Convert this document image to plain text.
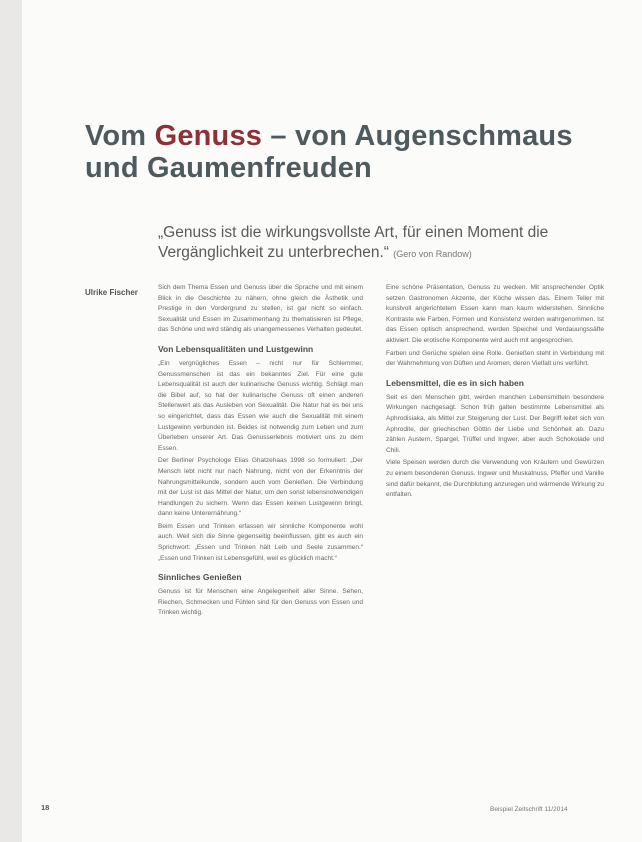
Vom Genuss – von Augenschmaus
und Gaumenfreuden
„Genuss ist die wirkungsvollste Art, für einen Moment die Vergänglichkeit zu unterbrechen.“ (Gero von Randow)
Ulrike Fischer

Sich dem Thema Essen und Genuss über die Sprache und mit einem Blick in die Geschichte zu nähern, ohne gleich die Ästhetik und Prestige in den Vordergrund zu stellen, ist gar nicht so einfach. Sexualität und Essen im Zusammenhang zu thematisieren ist Pflege, das Schöne und wird ständig als unangemessenes Verhalten gedeutet.

Von Lebensqualitäten und Lustgewinn

„Ein vergnügliches Essen – nicht nur für Schlemmer, Genussmenschen ist das ein bekanntes Ziel. Für eine gute Lebensqualität ist auch der kulinarische Genuss wichtig. Schlägt man die Bibel auf, so hat der kulinarische Genuss oft einen anderen Stellenwert als das Ausleben von Sexualität. Die Natur hat es bei uns so eingerichtet, dass das Essen wie auch die Sexualität mit einem Lustgewinn verbunden ist. Beides ist notwendig zum Leben und zum Überleben unserer Art. Das Genusserlebnis motiviert uns zu dem Essen.

Der Berliner Psychologe Elias Ghatzehaas 1998 so formuliert: „Der Mensch lebt nicht nur nach Nahrung, nicht von der Erkenntnis der Nahrungsmittelkunde, sondern auch vom Genießen. Die Verbindung mit der Lust ist das Mittel der Natur, um den sonst lebensnotwendigen Handlungen zu sichern. Wenn das Essen keinen Lustgewinn bringt, dann keine Unterernährung.“

Beim Essen und Trinken erfassen wir sinnliche Komponente wohl auch. Weil sich die Sinne gegenseitig beeinflussen, gibt es auch ein Sprichwort: „Essen und Trinken hält Leib und Seele zusammen.“ „Essen und Trinken ist Lebensgefühl, weil es glücklich macht.“

Sinnliches Genießen

Genuss ist für Menschen eine Angelegenheit aller Sinne. Sehen, Riechen, Schmecken und Fühlen sind für den Genuss von Essen und Trinken wichtig.

Eine schöne Präsentation, Genuss zu wecken. Mit ansprechender Optik setzen Gastronomen Akzente, der Köche wissen das. Einem Teller mit kunstvoll angerichtetem Essen kann man kaum widerstehen. Sinnliche Kontraste wie Farben, Formen und Konsistenz werden wahrgenommen. Ist das Essen optisch ansprechend, werden Speichel und Verdauungssäfte aktiviert. Die erotische Komponente wird auch mit angesprochen.

Farben und Gerüche spielen eine Rolle. Genießen steht in Verbindung mit der Wahrnehmung von Düften und Aromen, deren Vielfalt uns verführt.

Lebensmittel, die es in sich haben

Seit es den Menschen gibt, werden manchen Lebensmitteln besondere Wirkungen nachgesagt. Schon früh galten bestimmte Lebensmittel als Aphrodisiaka, als Mittel zur Steigerung der Lust. Der Begriff leitet sich von Aphrodite, der griechischen Göttin der Liebe und Schönheit ab. Dazu zählen Austern, Spargel, Trüffel und Ingwer, aber auch Schokolade und Chili.

Viele Speisen werden durch die Verwendung von Kräutern und Gewürzen zu einem besonderen Genuss. Ingwer und Muskatnuss, Pfeffer und Vanille sind dafür bekannt, die Durchblutung anzuregen und wärmende Wirkung zu entfalten.

18	Beispiel Zeitschrift 11/2014
